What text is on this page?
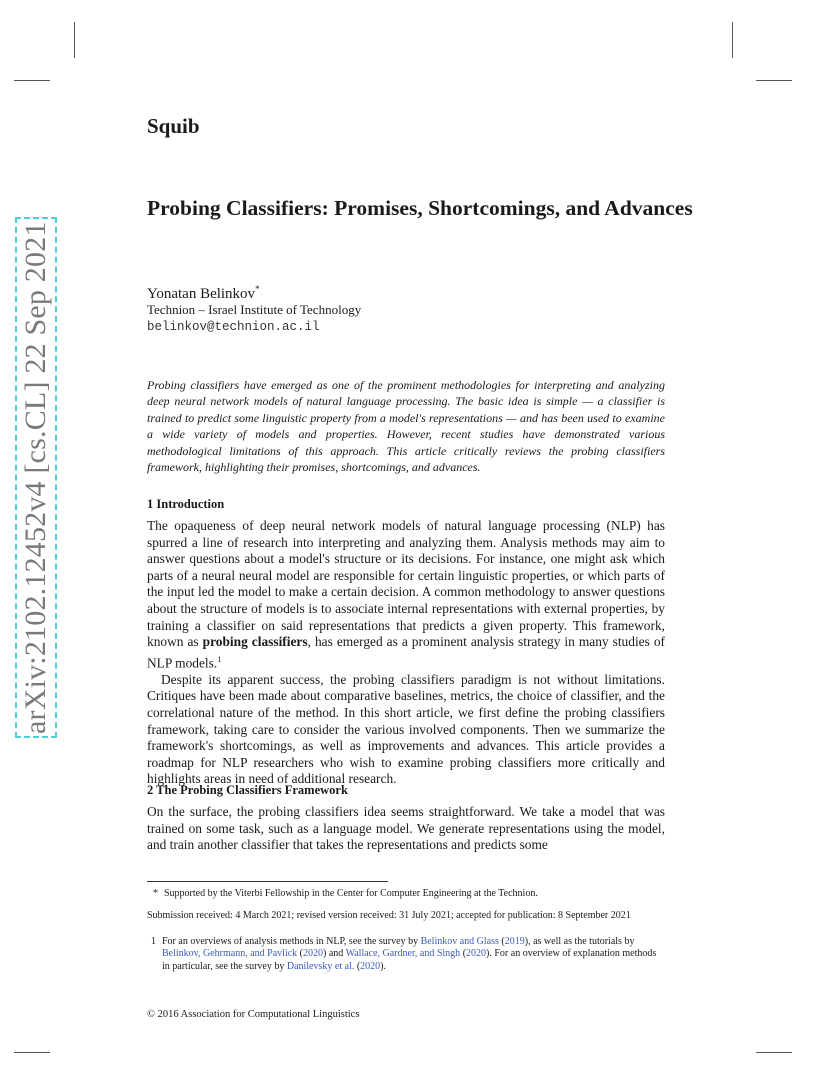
arXiv:2102.12452v4 [cs.CL] 22 Sep 2021
Squib
Probing Classifiers: Promises, Shortcomings, and Advances
Yonatan Belinkov*
Technion – Israel Institute of Technology
belinkov@technion.ac.il
Probing classifiers have emerged as one of the prominent methodologies for interpreting and analyzing deep neural network models of natural language processing. The basic idea is simple — a classifier is trained to predict some linguistic property from a model's representations — and has been used to examine a wide variety of models and properties. However, recent studies have demonstrated various methodological limitations of this approach. This article critically reviews the probing classifiers framework, highlighting their promises, shortcomings, and advances.
1 Introduction

The opaqueness of deep neural network models of natural language processing (NLP) has spurred a line of research into interpreting and analyzing them. Analysis methods may aim to answer questions about a model's structure or its decisions. For instance, one might ask which parts of a neural neural model are responsible for certain linguistic properties, or which parts of the input led the model to make a certain decision. A common methodology to answer questions about the structure of models is to associate internal representations with external properties, by training a classifier on said representations that predicts a given property. This framework, known as probing classifiers, has emerged as a prominent analysis strategy in many studies of NLP models.$^1$

Despite its apparent success, the probing classifiers paradigm is not without limitations. Critiques have been made about comparative baselines, metrics, the choice of classifier, and the correlational nature of the method. In this short article, we first define the probing classifiers framework, taking care to consider the various involved components. Then we summarize the framework's shortcomings, as well as improvements and advances. This article provides a roadmap for NLP researchers who wish to examine probing classifiers more critically and highlights areas in need of additional research.

2 The Probing Classifiers Framework

On the surface, the probing classifiers idea seems straightforward. We take a model that was trained on some task, such as a language model. We generate representations using the model, and train another classifier that takes the representations and predicts some

* Supported by the Viterbi Fellowship in the Center for Computer Engineering at the Technion.
Submission received: 4 March 2021; revised version received: 31 July 2021; accepted for publication: 8 September 2021
1 For an overviews of analysis methods in NLP, see the survey by Belinkov and Glass (2019), as well as the tutorials by Belinkov, Gehrmann, and Pavlick (2020) and Wallace, Gardner, and Singh (2020). For an overview of explanation methods in particular, see the survey by Danilevsky et al. (2020).
© 2016 Association for Computational Linguistics
